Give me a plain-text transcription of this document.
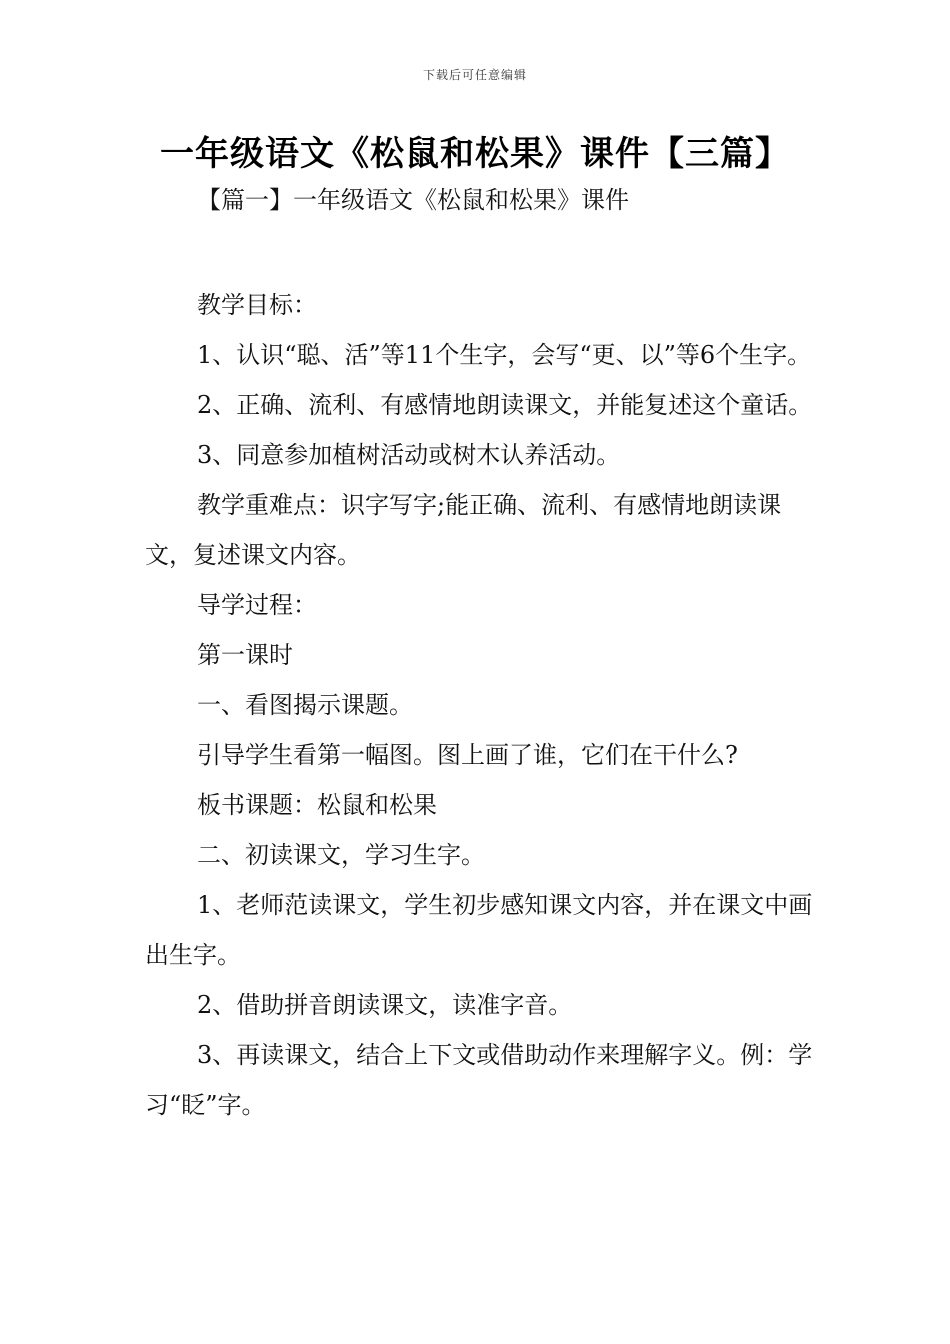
下载后可任意编辑
一年级语文《松鼠和松果》课件【三篇】

【篇一】一年级语文《松鼠和松果》课件

教学目标：

1、认识“聪、活”等11个生字，会写“更、以”等6个生字。

2、正确、流利、有感情地朗读课文，并能复述这个童话。

3、同意参加植树活动或树木认养活动。

教学重难点：识字写字;能正确、流利、有感情地朗读课文，复述课文内容。

导学过程：

第一课时

一、看图揭示课题。

引导学生看第一幅图。图上画了谁，它们在干什么?

板书课题：松鼠和松果

二、初读课文，学习生字。

1、老师范读课文，学生初步感知课文内容，并在课文中画出生字。

2、借助拼音朗读课文，读准字音。

3、再读课文，结合上下文或借助动作来理解字义。例：学习“眨”字。
